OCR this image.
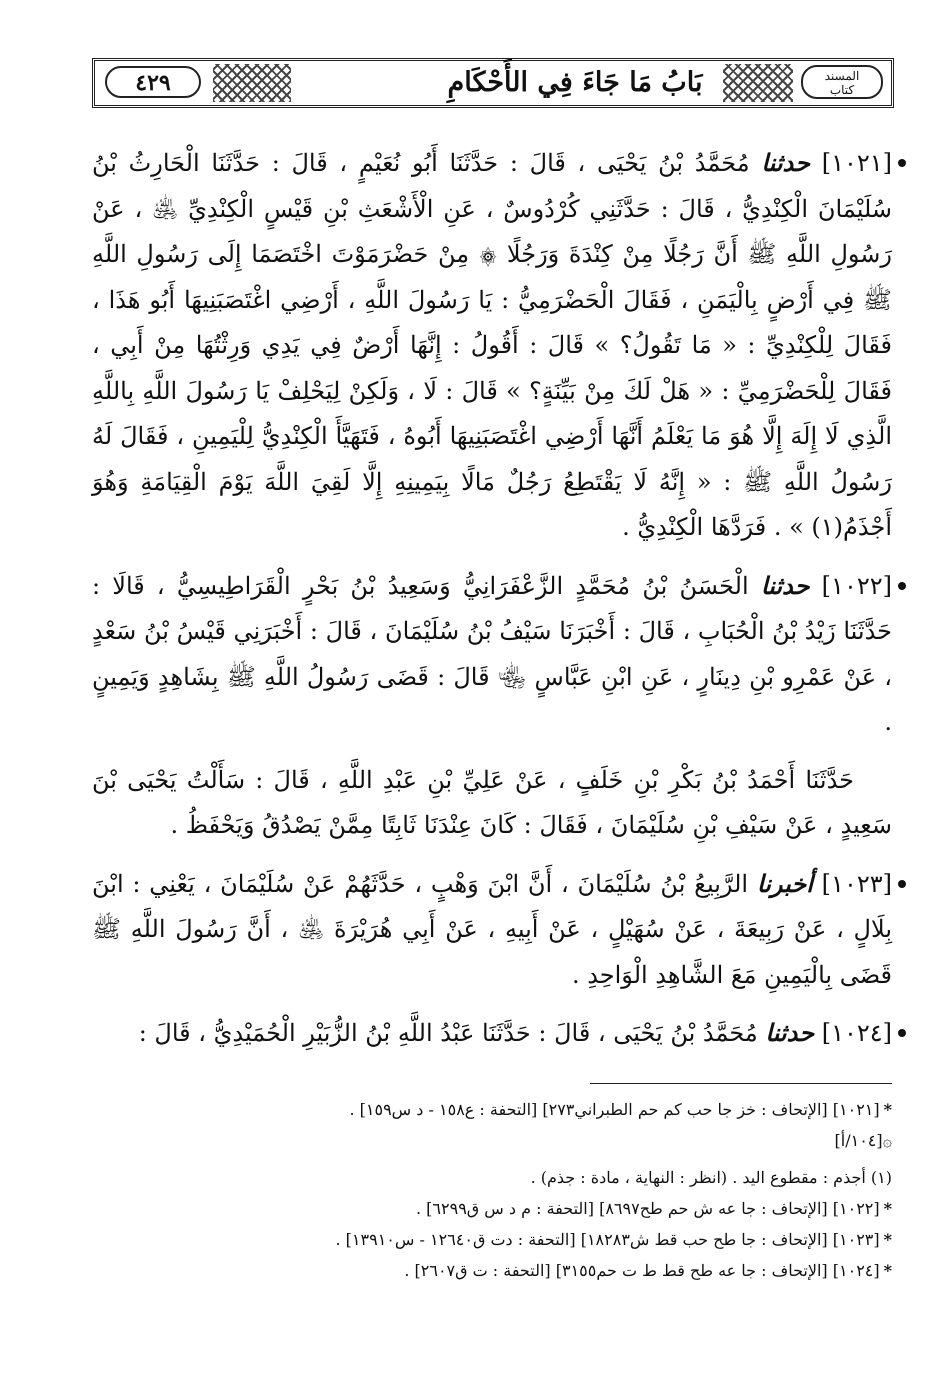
٤٢٩	بَابُ مَا جَاءَ فِي الأَحْكَامِ	المسند
كتاب

[١٠٢١] حدثنا مُحَمَّدُ بْنُ يَحْيَى ، قَالَ : حَدَّثَنَا أَبُو نُعَيْمٍ ، قَالَ : حَدَّثَنَا الْحَارِثُ بْنُ سُلَيْمَانَ الْكِنْدِيُّ ، قَالَ : حَدَّثَنِي كُرْدُوسٌ ، عَنِ الْأَشْعَثِ بْنِ قَيْسٍ الْكِنْدِيِّ ﵁ ، عَنْ رَسُولِ اللَّهِ ﷺ أَنَّ رَجُلًا مِنْ كِنْدَةَ وَرَجُلًا ۞ مِنْ حَضْرَمَوْتَ اخْتَصَمَا إِلَى رَسُولِ اللَّهِ ﷺ فِي أَرْضٍ بِالْيَمَنِ ، فَقَالَ الْحَضْرَمِيُّ : يَا رَسُولَ اللَّهِ ، أَرْضِي اغْتَصَبَنِيهَا أَبُو هَذَا ، فَقَالَ لِلْكِنْدِيِّ : « مَا تَقُولُ؟ » قَالَ : أَقُولُ : إِنَّهَا أَرْضٌ فِي يَدِي وَرِثْتُهَا مِنْ أَبِي ، فَقَالَ لِلْحَضْرَمِيِّ : « هَلْ لَكَ مِنْ بَيِّنَةٍ؟ » قَالَ : لَا ، وَلَكِنْ لِيَحْلِفْ يَا رَسُولَ اللَّهِ بِاللَّهِ الَّذِي لَا إِلَهَ إِلَّا هُوَ مَا يَعْلَمُ أَنَّهَا أَرْضِي اغْتَصَبَنِيهَا أَبُوهُ ، فَتَهَيَّأَ الْكِنْدِيُّ لِلْيَمِينِ ، فَقَالَ لَهُ رَسُولُ اللَّهِ ﷺ : « إِنَّهُ لَا يَقْتَطِعُ رَجُلٌ مَالًا بِيَمِينِهِ إِلَّا لَقِيَ اللَّهَ يَوْمَ الْقِيَامَةِ وَهُوَ أَجْذَمُ(١) » . فَرَدَّهَا الْكِنْدِيُّ .

[١٠٢٢] حدثنا الْحَسَنُ بْنُ مُحَمَّدٍ الزَّعْفَرَانِيُّ وَسَعِيدُ بْنُ بَحْرٍ الْقَرَاطِيسِيُّ ، قَالَا : حَدَّثَنَا زَيْدُ بْنُ الْحُبَابِ ، قَالَ : أَخْبَرَنَا سَيْفُ بْنُ سُلَيْمَانَ ، قَالَ : أَخْبَرَنِي قَيْسُ بْنُ سَعْدٍ ، عَنْ عَمْرِو بْنِ دِينَارٍ ، عَنِ ابْنِ عَبَّاسٍ ﵄ قَالَ : قَضَى رَسُولُ اللَّهِ ﷺ بِشَاهِدٍ وَيَمِينٍ .

حَدَّثَنَا أَحْمَدُ بْنُ بَكْرِ بْنِ خَلَفٍ ، عَنْ عَلِيِّ بْنِ عَبْدِ اللَّهِ ، قَالَ : سَأَلْتُ يَحْيَى بْنَ سَعِيدٍ ، عَنْ سَيْفِ بْنِ سُلَيْمَانَ ، فَقَالَ : كَانَ عِنْدَنَا ثَابِتًا مِمَّنْ يَصْدُقُ وَيَحْفَظُ .

[١٠٢٣] أخبرنا الرَّبِيعُ بْنُ سُلَيْمَانَ ، أَنَّ ابْنَ وَهْبٍ ، حَدَّثَهُمْ عَنْ سُلَيْمَانَ ، يَعْنِي : ابْنَ بِلَالٍ ، عَنْ رَبِيعَةَ ، عَنْ سُهَيْلٍ ، عَنْ أَبِيهِ ، عَنْ أَبِي هُرَيْرَةَ ﵁ ، أَنَّ رَسُولَ اللَّهِ ﷺ قَضَى بِالْيَمِينِ مَعَ الشَّاهِدِ الْوَاحِدِ .

[١٠٢٤] حدثنا مُحَمَّدُ بْنُ يَحْيَى ، قَالَ : حَدَّثَنَا عَبْدُ اللَّهِ بْنُ الزُّبَيْرِ الْحُمَيْدِيُّ ، قَالَ :

*[١٠٢١] [الإتحاف : خز جا حب كم حم الطبراني٢٧٣] [التحفة : ع١٥٨ - د س١٥٩] .
۞[١٠٤/أ]
(١) أجذم : مقطوع اليد . (انظر : النهاية ، مادة : جذم) .
*[١٠٢٢] [الإتحاف : جا عه ش حم طح٨٦٩٧] [التحفة : م د س ق٦٢٩٩] .
*[١٠٢٣] [الإتحاف : جا طح حب قط ش١٨٢٨٣] [التحفة : دت ق١٢٦٤٠ - س١٣٩١٠] .
*[١٠٢٤] [الإتحاف : جا عه طح قط ط ت حم٣١٥٥] [التحفة : ت ق٢٦٠٧] .
